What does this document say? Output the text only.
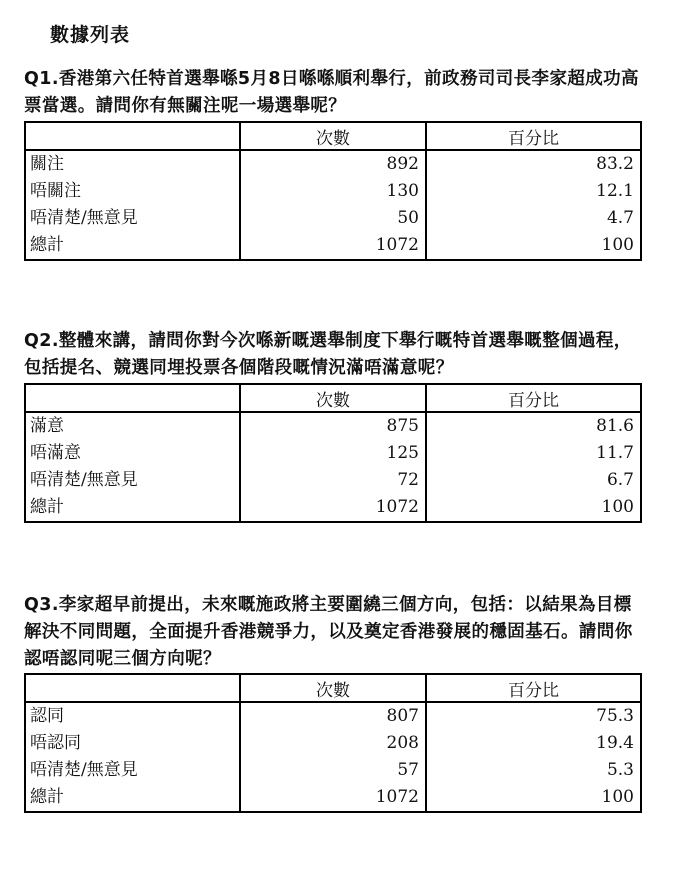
數據列表
Q1.香港第六任特首選舉喺5月8日喺喺順利舉行，前政務司司長李家超成功高票當選。請問你有無關注呢一場選舉呢？
	次數	百分比
關注	892	83.2
唔關注	130	12.1
唔清楚/無意見	50	4.7
總計	1072	100
Q2.整體來講，請問你對今次喺新嘅選舉制度下舉行嘅特首選舉嘅整個過程，包括提名、競選同埋投票各個階段嘅情況滿唔滿意呢？
	次數	百分比
滿意	875	81.6
唔滿意	125	11.7
唔清楚/無意見	72	6.7
總計	1072	100
Q3.李家超早前提出，未來嘅施政將主要圍繞三個方向，包括：以結果為目標解決不同問題，全面提升香港競爭力，以及奠定香港發展的穩固基石。請問你認唔認同呢三個方向呢？
	次數	百分比
認同	807	75.3
唔認同	208	19.4
唔清楚/無意見	57	5.3
總計	1072	100
